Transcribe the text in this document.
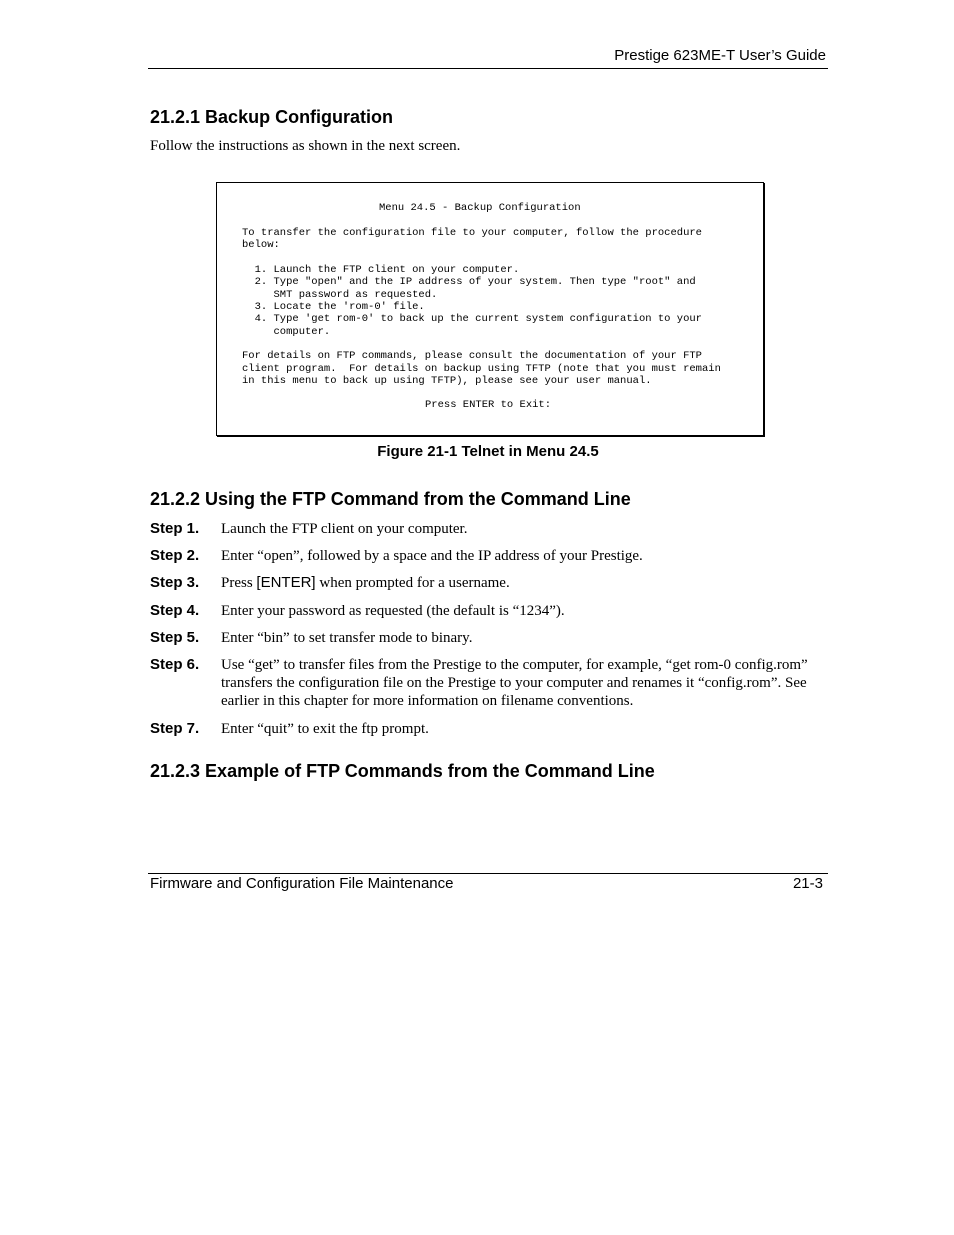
Prestige 623ME-T User’s Guide
21.2.1 Backup Configuration
Follow the instructions as shown in the next screen.
Menu 24.5 - Backup Configuration
To transfer the configuration file to your computer, follow the procedure
below:
1. Launch the FTP client on your computer.
2. Type "open" and the IP address of your system. Then type "root" and
SMT password as requested.
3. Locate the 'rom-0' file.
4. Type 'get rom-0' to back up the current system configuration to your
computer.
For details on FTP commands, please consult the documentation of your FTP
client program.  For details on backup using TFTP (note that you must remain
in this menu to back up using TFTP), please see your user manual.
Press ENTER to Exit:
Figure 21-1 Telnet in Menu 24.5
21.2.2 Using the FTP Command from the Command Line
Step 1. Launch the FTP client on your computer.
Step 2. Enter “open”, followed by a space and the IP address of your Prestige.
Step 3. Press [ENTER] when prompted for a username.
Step 4. Enter your password as requested (the default is “1234”).
Step 5. Enter “bin” to set transfer mode to binary.
Step 6. Use “get” to transfer files from the Prestige to the computer, for example, “get rom-0 config.rom” transfers the configuration file on the Prestige to your computer and renames it “config.rom”. See earlier in this chapter for more information on filename conventions.
Step 7. Enter “quit” to exit the ftp prompt.
21.2.3 Example of FTP Commands from the Command Line
Firmware and Configuration File Maintenance	21-3
